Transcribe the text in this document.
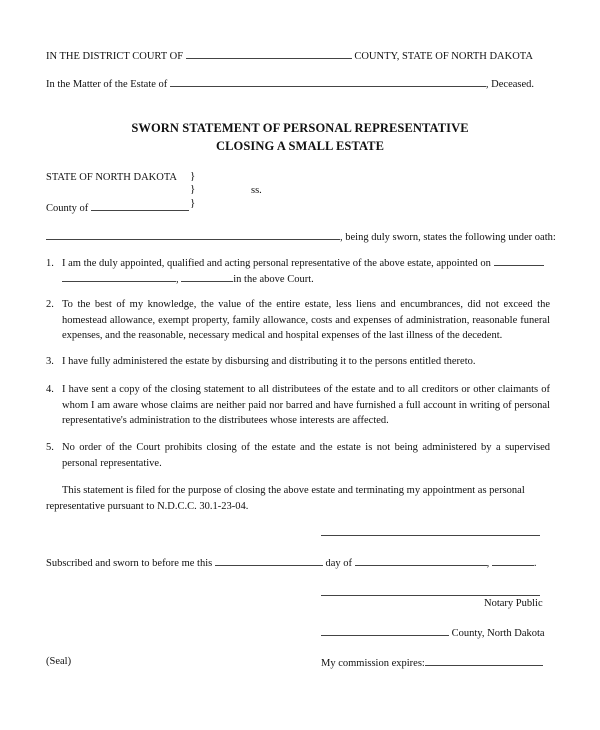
IN THE DISTRICT COURT OF	COUNTY, STATE OF NORTH DAKOTA
In the Matter of the Estate of	, Deceased.
SWORN STATEMENT OF PERSONAL REPRESENTATIVE
CLOSING A SMALL ESTATE
STATE OF NORTH DAKOTA }
}
}
ss.
County of
, being duly sworn, states the following under oath:
1. I am the duly appointed, qualified and acting personal representative of the above estate, appointed on
,	in the above Court.
2. To the best of my knowledge, the value of the entire estate, less liens and encumbrances, did not exceed the homestead allowance, exempt property, family allowance, costs and expenses of administration, reasonable funeral expenses, and the reasonable, necessary medical and hospital expenses of the last illness of the decedent.
3. I have fully administered the estate by disbursing and distributing it to the persons entitled thereto.
4. I have sent a copy of the closing statement to all distributees of the estate and to all creditors or other claimants of whom I am aware whose claims are neither paid nor barred and have furnished a full account in writing of personal representative's administration to the distributees whose interests are affected.
5. No order of the Court prohibits closing of the estate and the estate is not being administered by a supervised personal representative.
This statement is filed for the purpose of closing the above estate and terminating my appointment as personal representative pursuant to N.D.C.C. 30.1-23-04.
Subscribed and sworn to before me this	day of	,	.
Notary Public
County, North Dakota
(Seal)	My commission expires:
